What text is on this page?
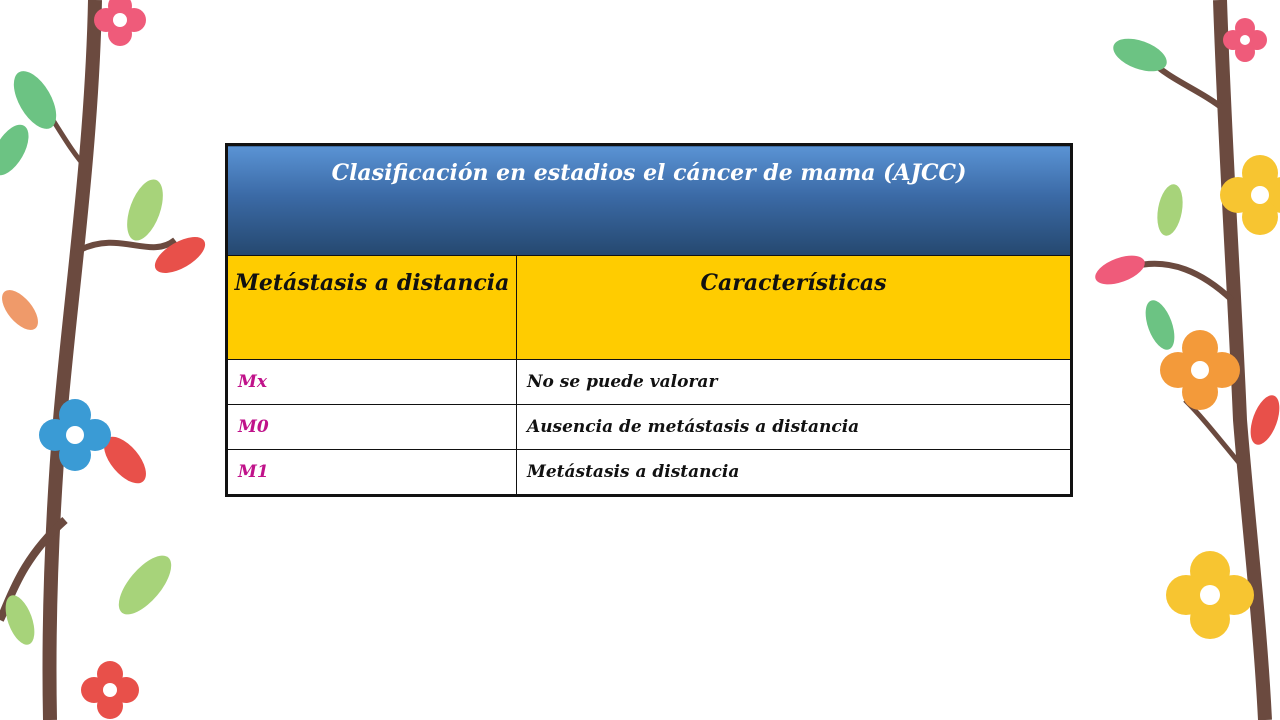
Clasificación en estadios el cáncer de mama (AJCC)	
Metástasis a distancia	Características
Mx	No se puede valorar
M0	Ausencia de metástasis a distancia
M1	Metástasis a distancia
